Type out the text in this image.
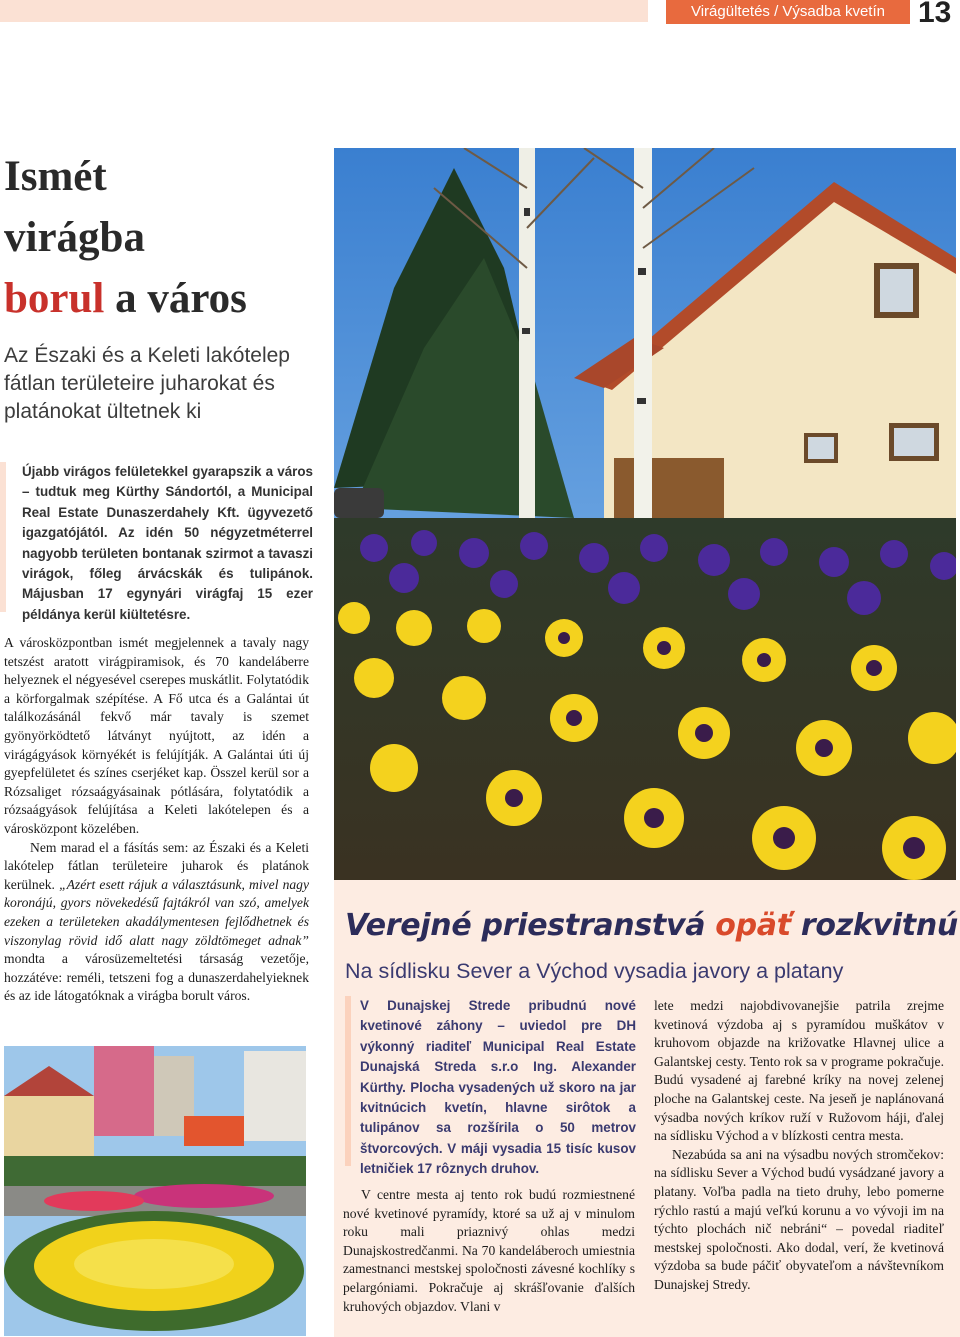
Virágültetés / Výsadba kvetín	13
Ismét
virágba
borul a város

Az Északi és a Keleti lakótelep fátlan területeire juharokat és platánokat ültetnek ki

Újabb virágos felületekkel gyarapszik a város – tudtuk meg Kürthy Sándortól, a Municipal Real Estate Dunaszerdahely Kft. ügyvezető igazgatójától. Az idén 50 négyzetméterrel nagyobb területen bontanak szirmot a tavaszi virágok, főleg árvácskák és tulipánok. Májusban 17 egynyári virágfaj 15 ezer példánya kerül kiültetésre.

A városközpontban ismét megjelennek a tavaly nagy tetszést aratott virágpiramisok, és 70 kandeláberre helyeznek el négyesével cserepes muskátlit. Folytatódik a körforgalmak szépítése. A Fő utca és a Galántai út találkozásánál fekvő már tavaly is szemet gyönyörködtető látványt nyújtott, az idén a virágágyások környékét is felújítják. A Galántai úti új gyepfelületet és színes cserjéket kap. Összel kerül sor a Rózsaliget rózsaágyásainak pótlására, folytatódik a rózsaágyások felújítása a Keleti lakótelepen és a városközpont közelében.

Nem marad el a fásítás sem: az Északi és a Keleti lakótelep fátlan területeire juharok és platánok kerülnek. „Azért esett rájuk a választásunk, mivel nagy koronájú, gyors növekedésű fajtákról van szó, amelyek ezeken a területeken akadálymentesen fejlődhetnek és viszonylag rövid idő alatt nagy zöldtömeget adnak” mondta a városüzemeltetési társaság vezetője, hozzátéve: reméli, tetszeni fog a dunaszerdahelyieknek és az ide látogatóknak a virágba borult város.

Verejné priestranstvá opäť rozkvitnú

Na sídlisku Sever a Východ vysadia javory a platany

V Dunajskej Strede pribudnú nové kvetinové záhony – uviedol pre DH výkonný riaditeľ Municipal Real Estate Dunajská Streda s.r.o Ing. Alexander Kürthy. Plocha vysadených už skoro na jar kvitnúcich kvetín, hlavne sirôtok a tulipánov sa rozšírila o 50 metrov štvorcových. V máji vysadia 15 tisíc kusov letničiek 17 rôznych druhov.

V centre mesta aj tento rok budú rozmiestnené nové kvetinové pyramídy, ktoré sa už aj v minulom roku mali priaznivý ohlas medzi Dunajskostredčanmi. Na 70 kandeláberoch umiestnia zamestnanci mestskej spoločnosti závesné kochlíky s pelargóniami. Pokračuje aj skrášľovanie ďalších kruhových objazdov. Vlani v

lete medzi najobdivovanejšie patrila zrejme kvetinová výzdoba aj s pyramídou muškátov v kruhovom objazde na križovatke Hlavnej ulice a Galantskej cesty. Tento rok sa v programe pokračuje. Budú vysadené aj farebné kríky na novej zelenej ploche na Galantskej ceste. Na jeseň je naplánovaná výsadba nových kríkov ruží v Ružovom háji, ďalej na sídlisku Východ a v blízkosti centra mesta.

Nezabúda sa ani na výsadbu nových stromčekov: na sídlisku Sever a Východ budú vysádzané javory a platany. Voľba padla na tieto druhy, lebo pomerne rýchlo rastú a majú veľkú korunu a vo vývoji im na týchto plochách nič nebráni“ – povedal riaditeľ mestskej spoločnosti. Ako dodal, verí, že kvetinová výzdoba sa bude páčiť obyvateľom a návštevníkom Dunajskej Stredy.
